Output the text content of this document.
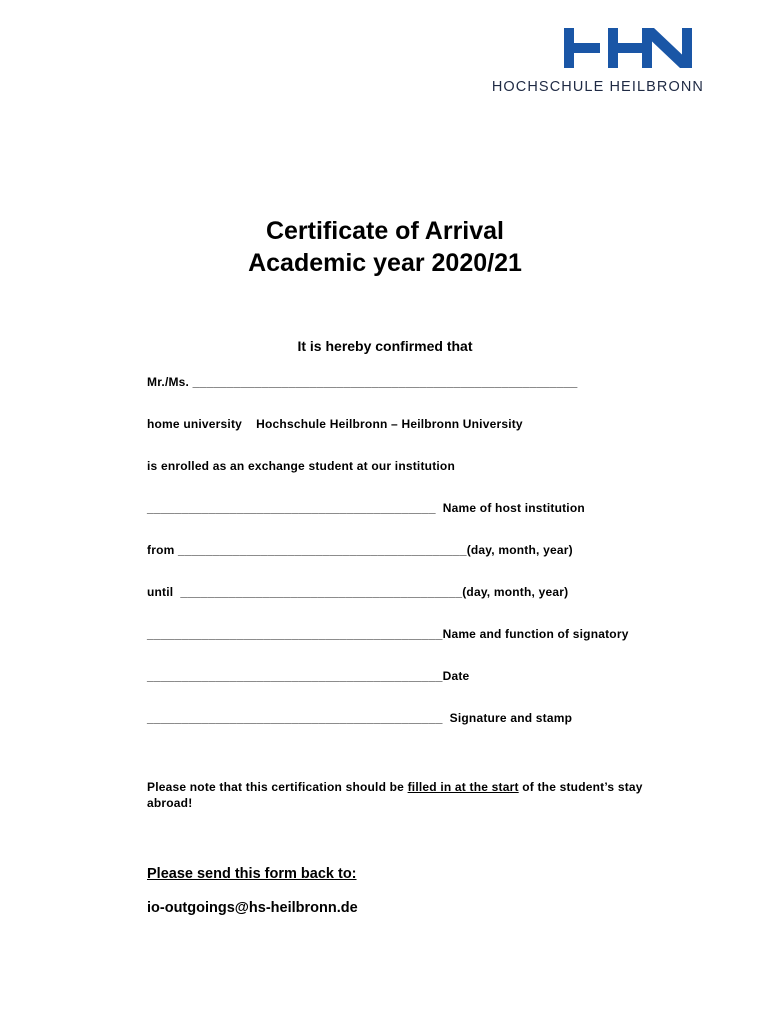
HOCHSCHULE HEILBRONN
Certificate of Arrival
Academic year 2020/21
It is hereby confirmed that
Mr./Ms. ________________________________________________________
home university    Hochschule Heilbronn – Heilbronn University
is enrolled as an exchange student at our institution
__________________________________________  Name of host institution
from __________________________________________(day, month, year)
until  _________________________________________(day, month, year)
___________________________________________Name and function of signatory
___________________________________________Date
___________________________________________  Signature and stamp
Please note that this certification should be filled in at the start of the student’s stay abroad!
Please send this form back to:
io-outgoings@hs-heilbronn.de
